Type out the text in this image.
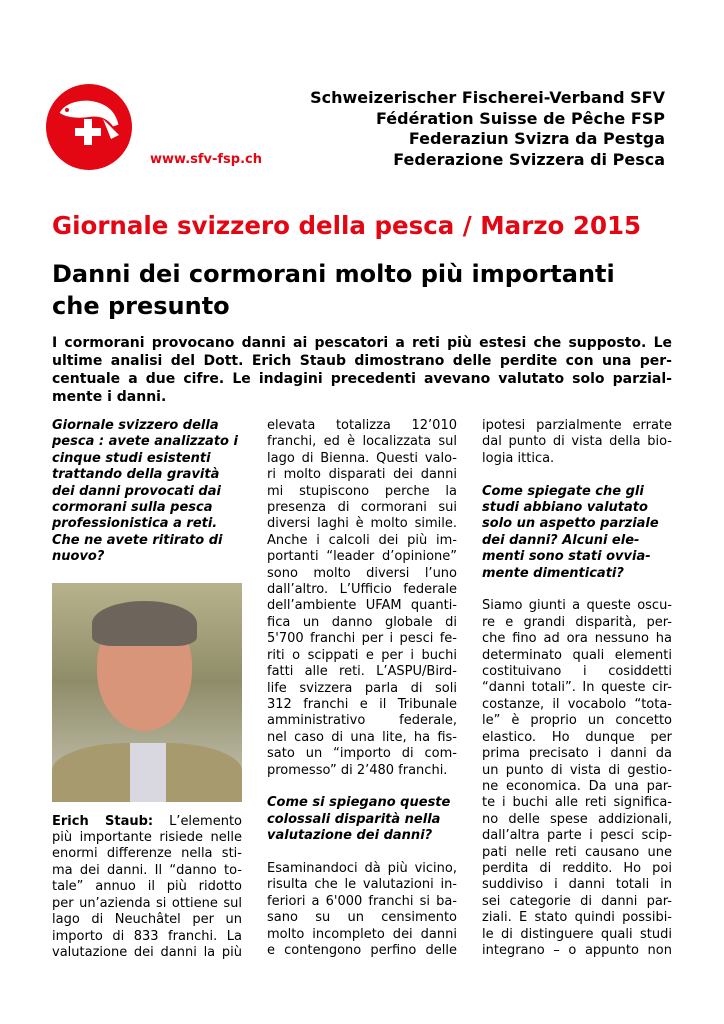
www.sfv-fsp.ch
Schweizerischer Fischerei-Verband SFV
Fédération Suisse de Pêche FSP
Federaziun Svizra da Pestga
Federazione Svizzera di Pesca
Giornale svizzero della pesca / Marzo 2015
Danni dei cormorani molto più importanti
che presunto
I cormorani provocano danni ai pescatori a reti più estesi che supposto. Le
ultime analisi del Dott. Erich Staub dimostrano delle perdite con una per-
centuale a due cifre. Le indagini precedenti avevano valutato solo parzial-
mente i danni.
Giornale svizzero della
pesca : avete analizzato i
cinque studi esistenti
trattando della gravità
dei danni provocati dai
cormorani sulla pesca
professionistica a reti.
Che ne avete ritirato di
nuovo?
Erich Staub: L’elemento
più importante risiede nelle
enormi differenze nella sti-
ma dei danni. Il “danno to-
tale” annuo il più ridotto
per un’azienda si ottiene sul
lago di Neuchâtel per un
importo di 833 franchi. La
valutazione dei danni la più
elevata totalizza 12’010
franchi, ed è localizzata sul
lago di Bienna. Questi valo-
ri molto disparati dei danni
mi stupiscono perche la
presenza di cormorani sui
diversi laghi è molto simile.
Anche i calcoli dei più im-
portanti “leader d’opinione”
sono molto diversi l’uno
dall’altro. L’Ufficio federale
dell’ambiente UFAM quanti-
fica un danno globale di
5'700 franchi per i pesci fe-
riti o scippati e per i buchi
fatti alle reti. L’ASPU/Bird-
life svizzera parla di soli
312 franchi e il Tribunale
amministrativo federale,
nel caso di una lite, ha fis-
sato un “importo di com-
promesso” di 2’480 franchi.
Come si spiegano queste
colossali disparità nella
valutazione dei danni?
Esaminandoci dà più vicino,
risulta che le valutazioni in-
feriori a 6'000 franchi si ba-
sano su un censimento
molto incompleto dei danni
e contengono perfino delle
ipotesi parzialmente errate
dal punto di vista della bio-
logia ittica.
Come spiegate che gli
studi abbiano valutato
solo un aspetto parziale
dei danni? Alcuni ele-
menti sono stati ovvia-
mente dimenticati?
Siamo giunti a queste oscu-
re e grandi disparità, per-
che fino ad ora nessuno ha
determinato quali elementi
costituivano i cosiddetti
“danni totali”. In queste cir-
costanze, il vocabolo “tota-
le” è proprio un concetto
elastico. Ho dunque per
prima precisato i danni da
un punto di vista di gestio-
ne economica. Da una par-
te i buchi alle reti significa-
no delle spese addizionali,
dall’altra parte i pesci scip-
pati nelle reti causano une
perdita di reddito. Ho poi
suddiviso i danni totali in
sei categorie di danni par-
ziali. E stato quindi possibi-
le di distinguere quali studi
integrano – o appunto non
